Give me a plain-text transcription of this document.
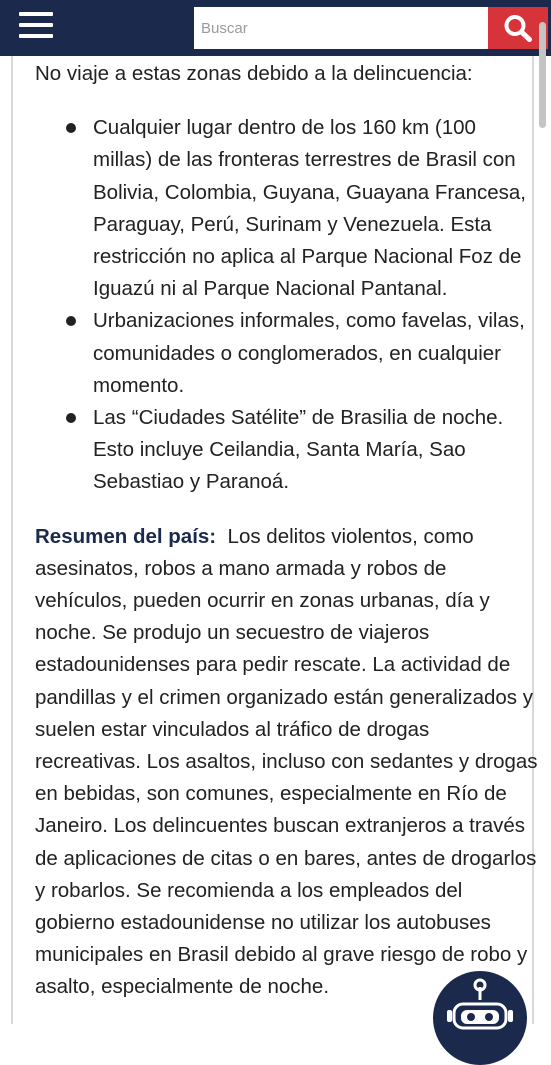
Buscar

No viaje a estas zonas debido a la delincuencia:

Cualquier lugar dentro de los 160 km (100 millas) de las fronteras terrestres de Brasil con Bolivia, Colombia, Guyana, Guayana Francesa, Paraguay, Perú, Surinam y Venezuela. Esta restricción no aplica al Parque Nacional Foz de Iguazú ni al Parque Nacional Pantanal.
Urbanizaciones informales, como favelas, vilas, comunidades o conglomerados, en cualquier momento.
Las “Ciudades Satélite” de Brasilia de noche. Esto incluye Ceilandia, Santa María, Sao Sebastiao y Paranoá.

Resumen del país: Los delitos violentos, como asesinatos, robos a mano armada y robos de vehículos, pueden ocurrir en zonas urbanas, día y noche. Se produjo un secuestro de viajeros estadounidenses para pedir rescate. La actividad de pandillas y el crimen organizado están generalizados y suelen estar vinculados al tráfico de drogas recreativas. Los asaltos, incluso con sedantes y drogas en bebidas, son comunes, especialmente en Río de Janeiro. Los delincuentes buscan extranjeros a través de aplicaciones de citas o en bares, antes de drogarlos y robarlos. Se recomienda a los empleados del gobierno estadounidense no utilizar los autobuses municipales en Brasil debido al grave riesgo de robo y asalto, especialmente de noche.
